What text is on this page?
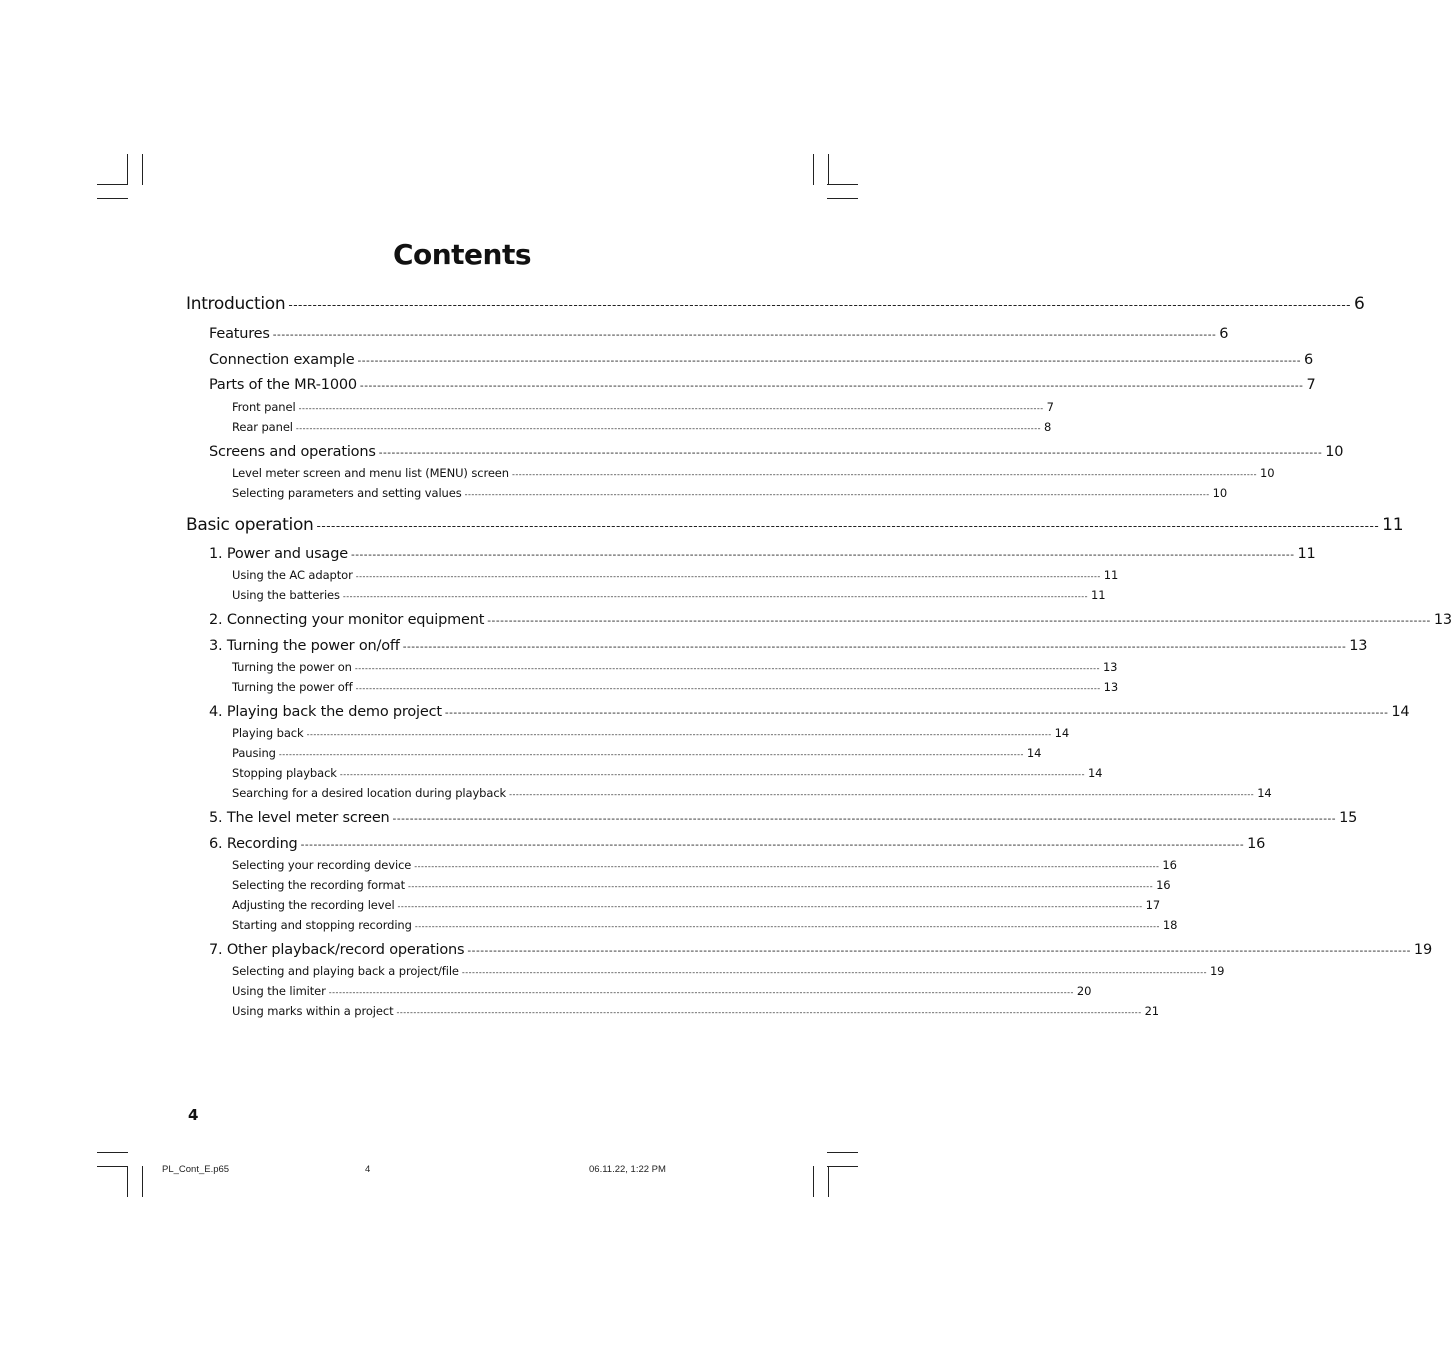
Contents
Introduction ---------------------------------------------------------------------------------------------------------------------------------------------------------------------------------------------------------------------------- 6
Features ---------------------------------------------------------------------------------------------------------------------------------------------------------------------------------------------------------------------------- 6
Connection example ---------------------------------------------------------------------------------------------------------------------------------------------------------------------------------------------------------------------------- 6
Parts of the MR-1000 ---------------------------------------------------------------------------------------------------------------------------------------------------------------------------------------------------------------------------- 7
Front panel ---------------------------------------------------------------------------------------------------------------------------------------------------------------------------------------------------------------------------- 7
Rear panel ---------------------------------------------------------------------------------------------------------------------------------------------------------------------------------------------------------------------------- 8
Screens and operations ---------------------------------------------------------------------------------------------------------------------------------------------------------------------------------------------------------------------------- 10
Level meter screen and menu list (MENU) screen ---------------------------------------------------------------------------------------------------------------------------------------------------------------------------------------------------------------------------- 10
Selecting parameters and setting values ---------------------------------------------------------------------------------------------------------------------------------------------------------------------------------------------------------------------------- 10
Basic operation ---------------------------------------------------------------------------------------------------------------------------------------------------------------------------------------------------------------------------- 11
1. Power and usage ---------------------------------------------------------------------------------------------------------------------------------------------------------------------------------------------------------------------------- 11
Using the AC adaptor ---------------------------------------------------------------------------------------------------------------------------------------------------------------------------------------------------------------------------- 11
Using the batteries ---------------------------------------------------------------------------------------------------------------------------------------------------------------------------------------------------------------------------- 11
2. Connecting your monitor equipment ---------------------------------------------------------------------------------------------------------------------------------------------------------------------------------------------------------------------------- 13
3. Turning the power on/off ---------------------------------------------------------------------------------------------------------------------------------------------------------------------------------------------------------------------------- 13
Turning the power on ---------------------------------------------------------------------------------------------------------------------------------------------------------------------------------------------------------------------------- 13
Turning the power off ---------------------------------------------------------------------------------------------------------------------------------------------------------------------------------------------------------------------------- 13
4. Playing back the demo project ---------------------------------------------------------------------------------------------------------------------------------------------------------------------------------------------------------------------------- 14
Playing back ---------------------------------------------------------------------------------------------------------------------------------------------------------------------------------------------------------------------------- 14
Pausing ---------------------------------------------------------------------------------------------------------------------------------------------------------------------------------------------------------------------------- 14
Stopping playback ---------------------------------------------------------------------------------------------------------------------------------------------------------------------------------------------------------------------------- 14
Searching for a desired location during playback ---------------------------------------------------------------------------------------------------------------------------------------------------------------------------------------------------------------------------- 14
5. The level meter screen ---------------------------------------------------------------------------------------------------------------------------------------------------------------------------------------------------------------------------- 15
6. Recording ---------------------------------------------------------------------------------------------------------------------------------------------------------------------------------------------------------------------------- 16
Selecting your recording device ---------------------------------------------------------------------------------------------------------------------------------------------------------------------------------------------------------------------------- 16
Selecting the recording format ---------------------------------------------------------------------------------------------------------------------------------------------------------------------------------------------------------------------------- 16
Adjusting the recording level ---------------------------------------------------------------------------------------------------------------------------------------------------------------------------------------------------------------------------- 17
Starting and stopping recording ---------------------------------------------------------------------------------------------------------------------------------------------------------------------------------------------------------------------------- 18
7. Other playback/record operations ---------------------------------------------------------------------------------------------------------------------------------------------------------------------------------------------------------------------------- 19
Selecting and playing back a project/file ---------------------------------------------------------------------------------------------------------------------------------------------------------------------------------------------------------------------------- 19
Using the limiter ---------------------------------------------------------------------------------------------------------------------------------------------------------------------------------------------------------------------------- 20
Using marks within a project ---------------------------------------------------------------------------------------------------------------------------------------------------------------------------------------------------------------------------- 21
4
PL_Cont_E.p65	4	06.11.22, 1:22 PM
